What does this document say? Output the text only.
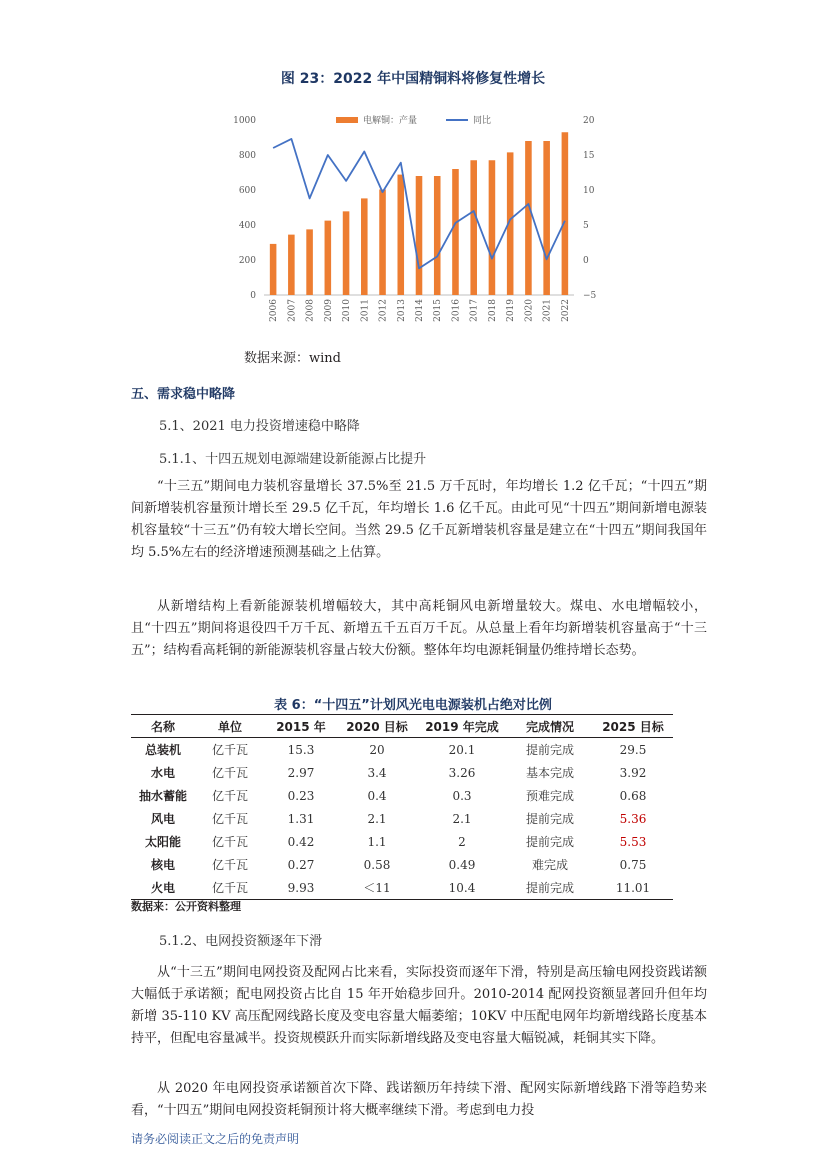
图 23：2022 年中国精铜料将修复性增长
0
200
400
600
800
1000
−5
0
5
10
15
20
2006 2007 2008 2009 2010 2011 2012 2013 2014 2015 2016 2017 2018 2019 2020 2021 2022
电解铜：产量	同比
数据来源：wind
五、需求稳中略降
5.1、2021 电力投资增速稳中略降
5.1.1、十四五规划电源端建设新能源占比提升

“十三五”期间电力装机容量增长 37.5%至 21.5 万千瓦时，年均增长 1.2 亿千瓦；“十四五”期间新增装机容量预计增长至 29.5 亿千瓦，年均增长 1.6 亿千瓦。由此可见“十四五”期间新增电源装机容量较“十三五”仍有较大增长空间。当然 29.5 亿千瓦新增装机容量是建立在“十四五”期间我国年均 5.5%左右的经济增速预测基础之上估算。

从新增结构上看新能源装机增幅较大，其中高耗铜风电新增量较大。煤电、水电增幅较小，且“十四五”期间将退役四千万千瓦、新增五千五百万千瓦。从总量上看年均新增装机容量高于“十三五”；结构看高耗铜的新能源装机容量占较大份额。整体年均电源耗铜量仍维持增长态势。

表 6：“十四五”计划风光电电源装机占绝对比例
名称	单位	2015 年	2020 目标	2019 年完成	完成情况	2025 目标
总装机	亿千瓦	15.3	20	20.1	提前完成	29.5
水电	亿千瓦	2.97	3.4	3.26	基本完成	3.92
抽水蓄能	亿千瓦	0.23	0.4	0.3	预难完成	0.68
风电	亿千瓦	1.31	2.1	2.1	提前完成	5.36
太阳能	亿千瓦	0.42	1.1	2	提前完成	5.53
核电	亿千瓦	0.27	0.58	0.49	难完成	0.75
火电	亿千瓦	9.93	＜11	10.4	提前完成	11.01
数据来：公开资料整理
5.1.2、电网投资额逐年下滑

从“十三五”期间电网投资及配网占比来看，实际投资而逐年下滑，特别是高压输电网投资践诺额大幅低于承诺额；配电网投资占比自 15 年开始稳步回升。2010-2014 配网投资额显著回升但年均新增 35-110 KV 高压配网线路长度及变电容量大幅萎缩；10KV 中压配电网年均新增线路长度基本持平，但配电容量减半。投资规模跃升而实际新增线路及变电容量大幅锐减，耗铜其实下降。

从 2020 年电网投资承诺额首次下降、践诺额历年持续下滑、配网实际新增线路下滑等趋势来看，“十四五”期间电网投资耗铜预计将大概率继续下滑。考虑到电力投

请务必阅读正文之后的免责声明
